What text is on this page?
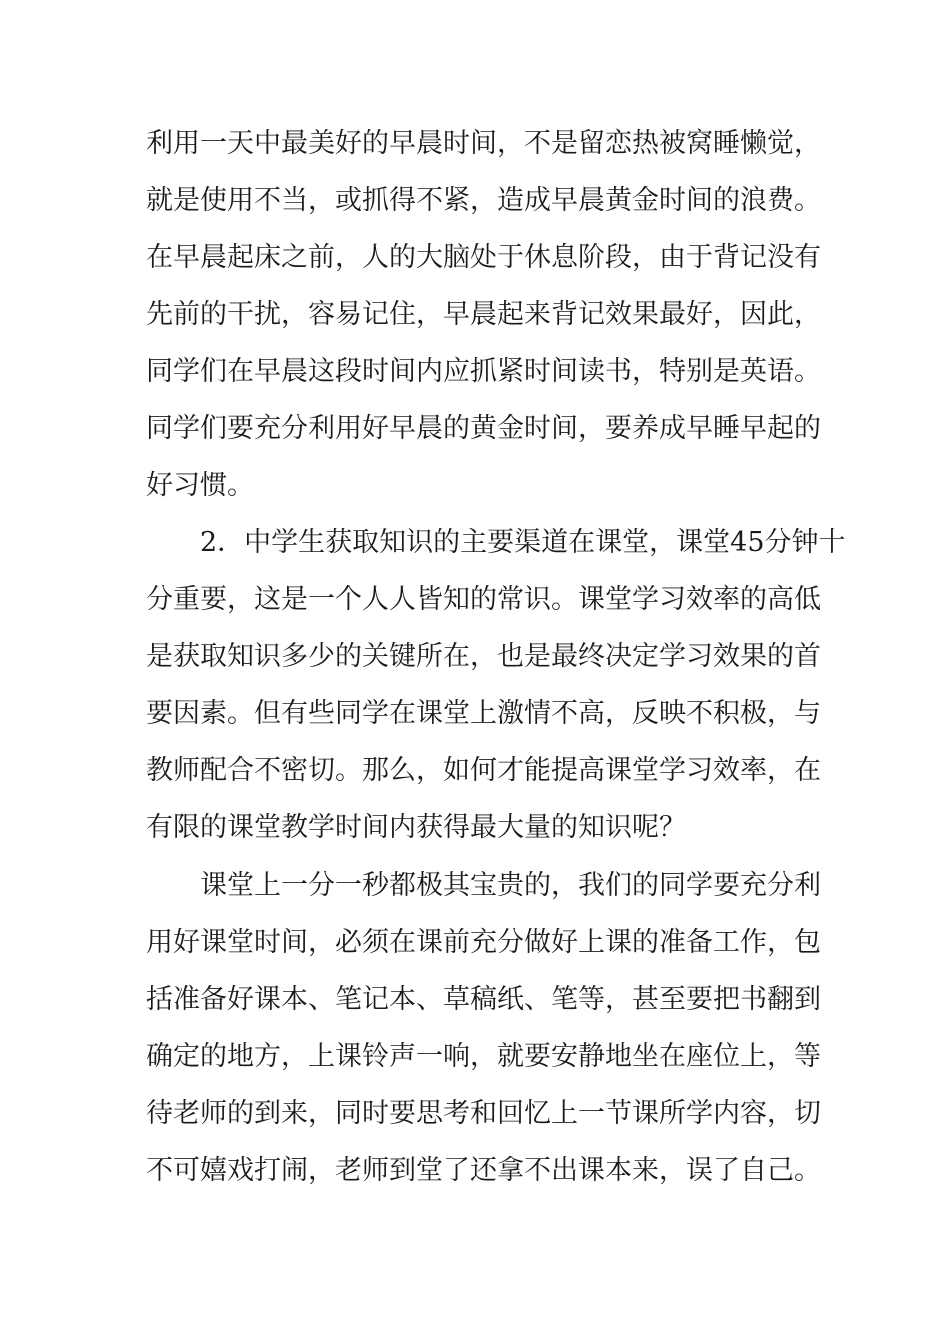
利用一天中最美好的早晨时间，不是留恋热被窝睡懒觉，
就是使用不当，或抓得不紧，造成早晨黄金时间的浪费。
在早晨起床之前，人的大脑处于休息阶段，由于背记没有
先前的干扰，容易记住，早晨起来背记效果最好，因此，
同学们在早晨这段时间内应抓紧时间读书，特别是英语。
同学们要充分利用好早晨的黄金时间，要养成早睡早起的
好习惯。
2．中学生获取知识的主要渠道在课堂，课堂45分钟十
分重要，这是一个人人皆知的常识。课堂学习效率的高低
是获取知识多少的关键所在，也是最终决定学习效果的首
要因素。但有些同学在课堂上激情不高，反映不积极，与
教师配合不密切。那么，如何才能提高课堂学习效率，在
有限的课堂教学时间内获得最大量的知识呢？
课堂上一分一秒都极其宝贵的，我们的同学要充分利
用好课堂时间，必须在课前充分做好上课的准备工作，包
括准备好课本、笔记本、草稿纸、笔等，甚至要把书翻到
确定的地方，上课铃声一响，就要安静地坐在座位上，等
待老师的到来，同时要思考和回忆上一节课所学内容，切
不可嬉戏打闹，老师到堂了还拿不出课本来，误了自己。
